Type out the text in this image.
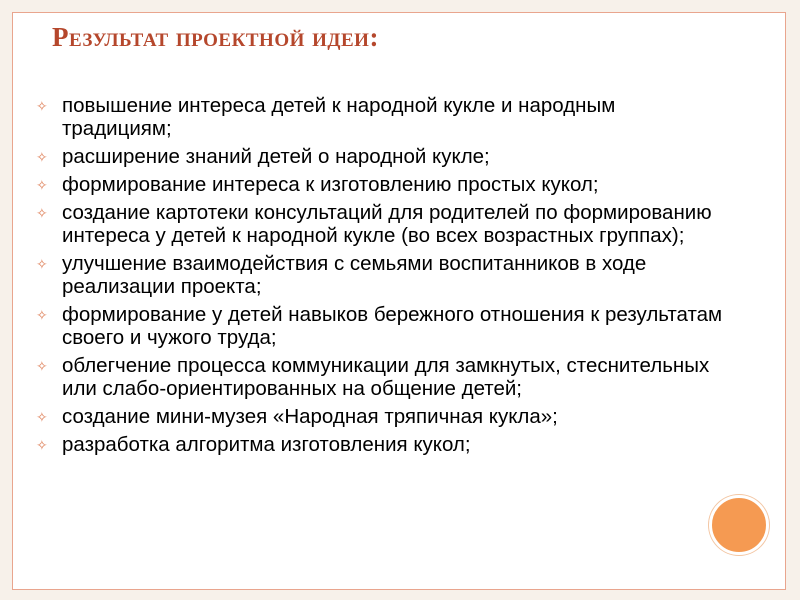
Результат проектной идеи:
✧ повышение интереса детей к народной кукле и народным традициям;
✧ расширение знаний детей о народной кукле;
✧ формирование интереса к изготовлению простых кукол;
✧ создание картотеки консультаций для родителей по формированию интереса у детей к народной кукле (во всех возрастных группах);
✧ улучшение взаимодействия с семьями воспитанников в ходе реализации проекта;
✧ формирование у детей навыков бережного отношения к результатам своего и чужого труда;
✧ облегчение процесса коммуникации для замкнутых, стеснительных или слабо-ориентированных на общение детей;
✧ создание мини-музея «Народная тряпичная кукла»;
✧ разработка алгоритма изготовления кукол;
